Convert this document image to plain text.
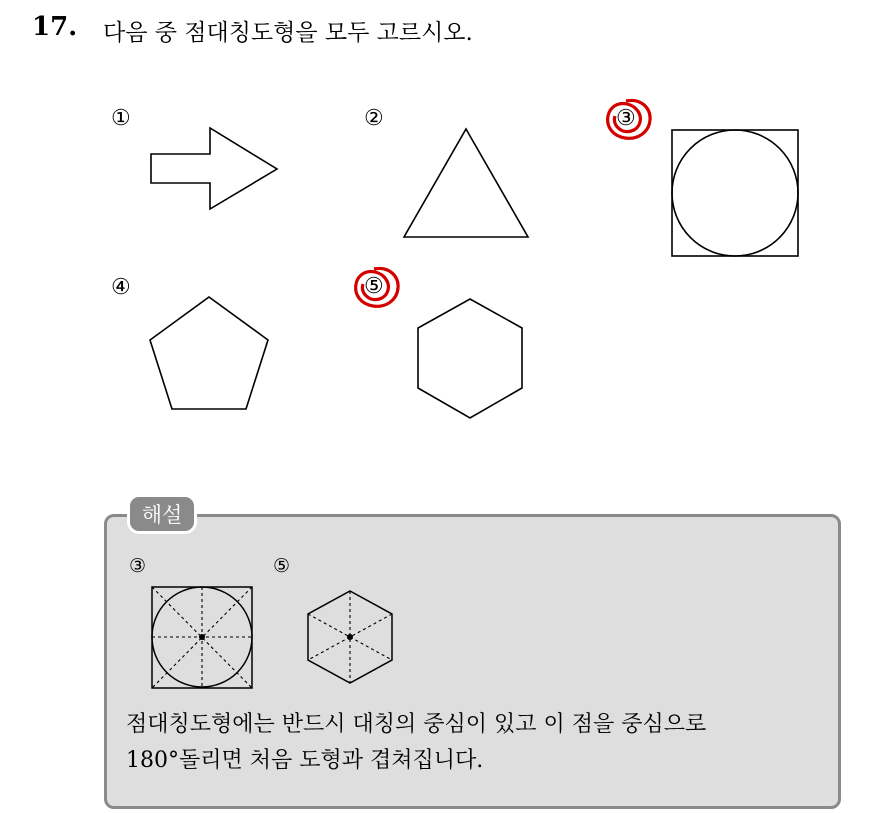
17. 다음 중 점대칭도형을 모두 고르시오.
①	②	③
④	⑤
해설
③	⑤
점대칭도형에는 반드시 대칭의 중심이 있고 이 점을 중심으로
180°돌리면 처음 도형과 겹쳐집니다.
